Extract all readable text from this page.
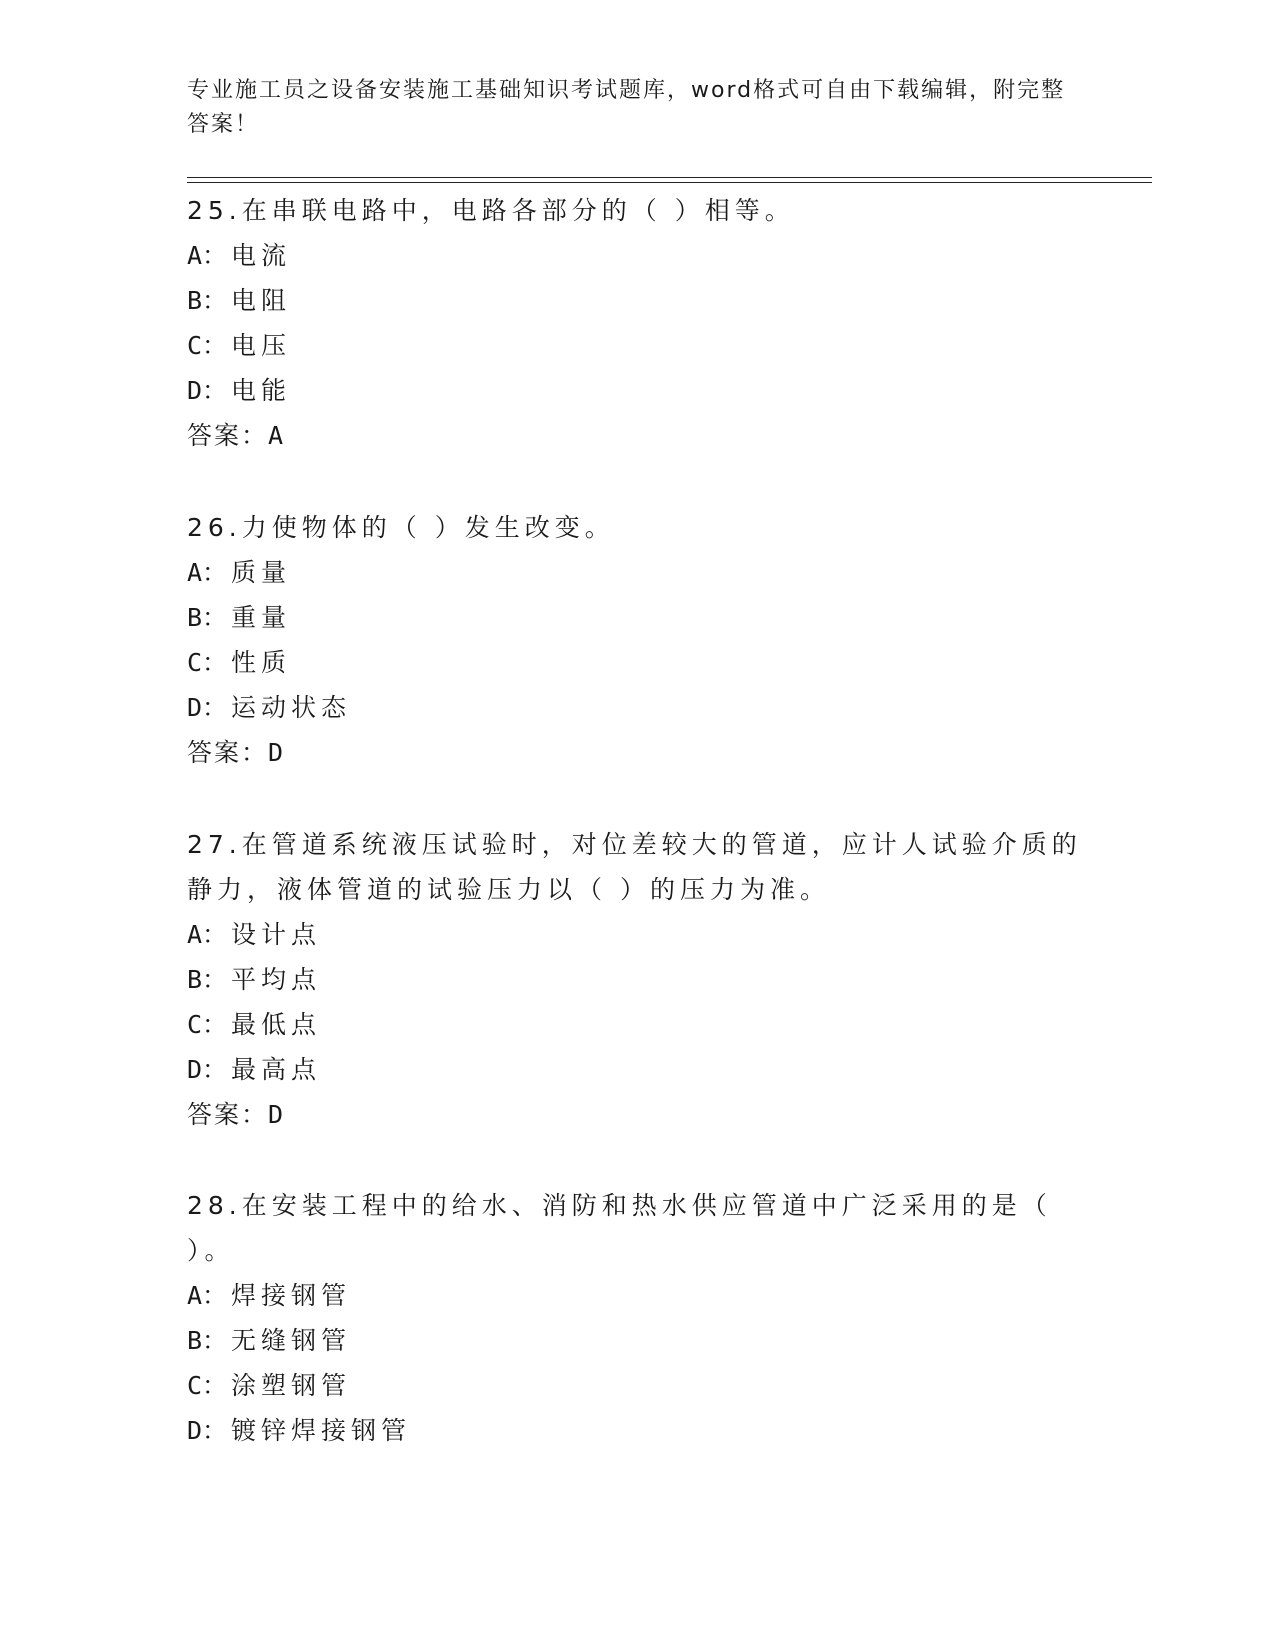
专业施工员之设备安装施工基础知识考试题库，word格式可自由下载编辑，附完整答案！

25.在串联电路中，电路各部分的（ ）相等。

A： 电流

B： 电阻

C： 电压

D： 电能

答案：A

26.力使物体的（ ）发生改变。

A： 质量

B： 重量

C： 性质

D： 运动状态

答案：D

27.在管道系统液压试验时，对位差较大的管道，应计人试验介质的静力，液体管道的试验压力以（ ）的压力为准。

A： 设计点

B： 平均点

C： 最低点

D： 最高点

答案：D

28.在安装工程中的给水、消防和热水供应管道中广泛采用的是（ ）。

A： 焊接钢管

B： 无缝钢管

C： 涂塑钢管

D： 镀锌焊接钢管
